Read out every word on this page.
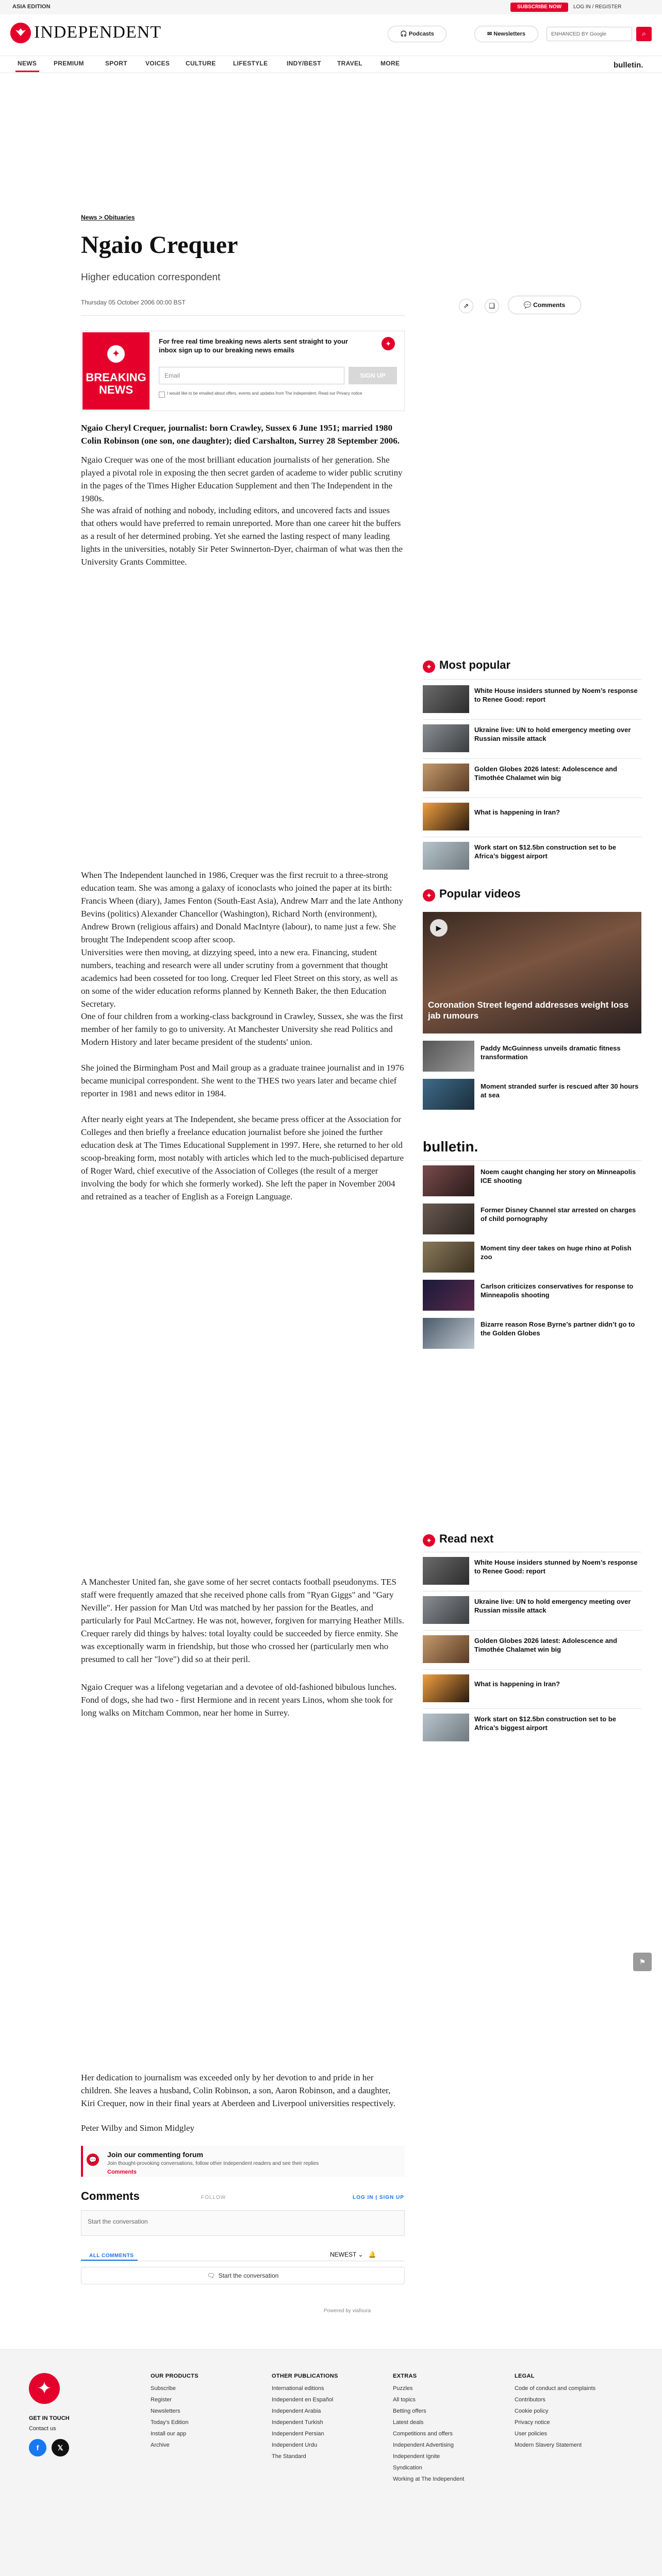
ASIA EDITION	SUBSCRIBE NOW	LOG IN / REGISTER
INDEPENDENT	🎧 Podcasts	✉ Newsletters	ENHANCED BY Google	⌕
NEWS	PREMIUM	SPORT	VOICES	CULTURE	LIFESTYLE	INDY/BEST	TRAVEL	MORE	bulletin.
News > Obituaries
Ngaio Crequer
Higher education correspondent
Thursday 05 October 2006 00:00 BST	⇗	❑	💬 Comments
✦
BREAKING
NEWS
For free real time breaking news alerts sent straight to your inbox sign up to our breaking news emails
✦
Email	SIGN UP
I would like to be emailed about offers, events and updates from The Independent. Read our Privacy notice

Ngaio Cheryl Crequer, journalist: born Crawley, Sussex 6 June 1951; married 1980 Colin Robinson (one son, one daughter); died Carshalton, Surrey 28 September 2006.

Ngaio Crequer was one of the most brilliant education journalists of her generation. She played a pivotal role in exposing the then secret garden of academe to wider public scrutiny in the pages of the Times Higher Education Supplement and then The Independent in the 1980s.

She was afraid of nothing and nobody, including editors, and uncovered facts and issues that others would have preferred to remain unreported. More than one career hit the buffers as a result of her determined probing. Yet she earned the lasting respect of many leading lights in the universities, notably Sir Peter Swinnerton-Dyer, chairman of what was then the University Grants Committee.

When The Independent launched in 1986, Crequer was the first recruit to a three-strong education team. She was among a galaxy of iconoclasts who joined the paper at its birth: Francis Wheen (diary), James Fenton (South-East Asia), Andrew Marr and the late Anthony Bevins (politics) Alexander Chancellor (Washington), Richard North (environment), Andrew Brown (religious affairs) and Donald MacIntyre (labour), to name just a few. She brought The Independent scoop after scoop.

Universities were then moving, at dizzying speed, into a new era. Financing, student numbers, teaching and research were all under scrutiny from a government that thought academics had been cosseted for too long. Crequer led Fleet Street on this story, as well as on some of the wider education reforms planned by Kenneth Baker, the then Education Secretary.

One of four children from a working-class background in Crawley, Sussex, she was the first member of her family to go to university. At Manchester University she read Politics and Modern History and later became president of the students' union.

She joined the Birmingham Post and Mail group as a graduate trainee journalist and in 1976 became municipal correspondent. She went to the THES two years later and became chief reporter in 1981 and news editor in 1984.

After nearly eight years at The Independent, she became press officer at the Association for Colleges and then briefly a freelance education journalist before she joined the further education desk at The Times Educational Supplement in 1997. Here, she returned to her old scoop-breaking form, most notably with articles which led to the much-publicised departure of Roger Ward, chief executive of the Association of Colleges (the result of a merger involving the body for which she formerly worked). She left the paper in November 2004 and retrained as a teacher of English as a Foreign Language.

A Manchester United fan, she gave some of her secret contacts football pseudonyms. TES staff were frequently amazed that she received phone calls from "Ryan Giggs" and "Gary Neville". Her passion for Man Utd was matched by her passion for the Beatles, and particularly for Paul McCartney. He was not, however, forgiven for marrying Heather Mills. Crequer rarely did things by halves: total loyalty could be succeeded by fierce enmity. She was exceptionally warm in friendship, but those who crossed her (particularly men who presumed to call her "love") did so at their peril.

Ngaio Crequer was a lifelong vegetarian and a devotee of old-fashioned bibulous lunches. Fond of dogs, she had two - first Hermione and in recent years Linos, whom she took for long walks on Mitcham Common, near her home in Surrey.

Her dedication to journalism was exceeded only by her devotion to and pride in her children. She leaves a husband, Colin Robinson, a son, Aaron Robinson, and a daughter, Kiri Crequer, now in their final years at Aberdeen and Liverpool universities respectively.

Peter Wilby and Simon Midgley

✦ Most popular
White House insiders stunned by Noem’s response to Renee Good: report
Ukraine live: UN to hold emergency meeting over Russian missile attack
Golden Globes 2026 latest: Adolescence and Timothée Chalamet win big
What is happening in Iran?
Work start on $12.5bn construction set to be Africa’s biggest airport
✦ Popular videos
▶
Coronation Street legend addresses weight loss jab rumours
Paddy McGuinness unveils dramatic fitness transformation
Moment stranded surfer is rescued after 30 hours at sea
bulletin.
Noem caught changing her story on Minneapolis ICE shooting
Former Disney Channel star arrested on charges of child pornography
Moment tiny deer takes on huge rhino at Polish zoo
Carlson criticizes conservatives for response to Minneapolis shooting
Bizarre reason Rose Byrne’s partner didn’t go to the Golden Globes
✦ Read next
White House insiders stunned by Noem’s response to Renee Good: report
Ukraine live: UN to hold emergency meeting over Russian missile attack
Golden Globes 2026 latest: Adolescence and Timothée Chalamet win big
What is happening in Iran?
Work start on $12.5bn construction set to be Africa’s biggest airport
⚑
💬
Join our commenting forum
Join thought-provoking conversations, follow other Independent readers and see their replies
Comments
Comments	FOLLOW	LOG IN | SIGN UP
Start the conversation
ALL COMMENTS	NEWEST ⌄ 🔔
🗨 Start the conversation
Powered by viafoura
✦
GET IN TOUCH
Contact us
f	𝕏
OUR PRODUCTS
Subscribe
Register
Newsletters
Today's Edition
Install our app
Archive
OTHER PUBLICATIONS
International editions
Independent en Español
Independent Arabia
Independent Turkish
Independent Persian
Independent Urdu
The Standard
EXTRAS
Puzzles
All topics
Betting offers
Latest deals
Competitions and offers
Independent Advertising
Independent Ignite
Syndication
Working at The Independent
LEGAL
Code of conduct and complaints
Contributors
Cookie policy
Privacy notice
User policies
Modern Slavery Statement
